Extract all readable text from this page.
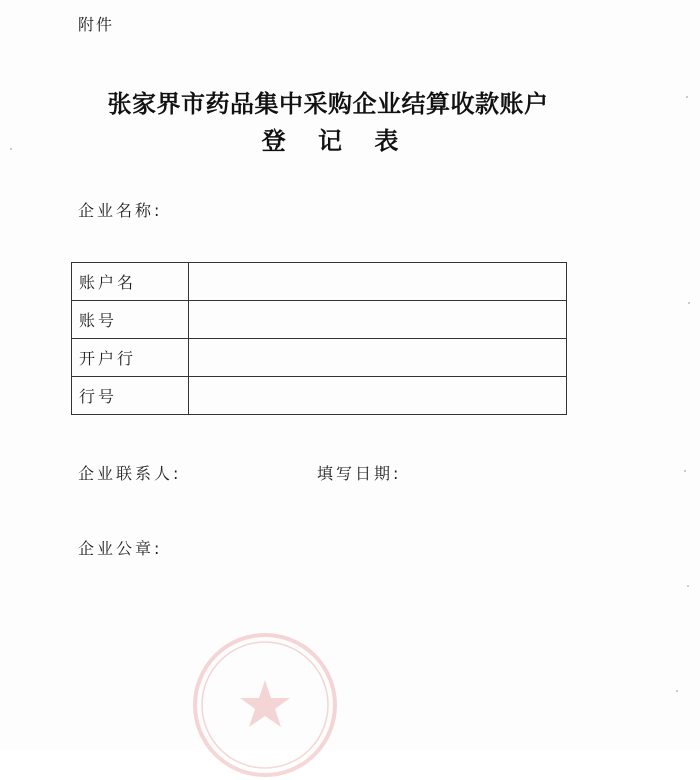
附件
张家界市药品集中采购企业结算收款账户
登 记 表
企业名称:
账户名	
账号	
开户行	
行号	
企业联系人:	填写日期:
企业公章:
